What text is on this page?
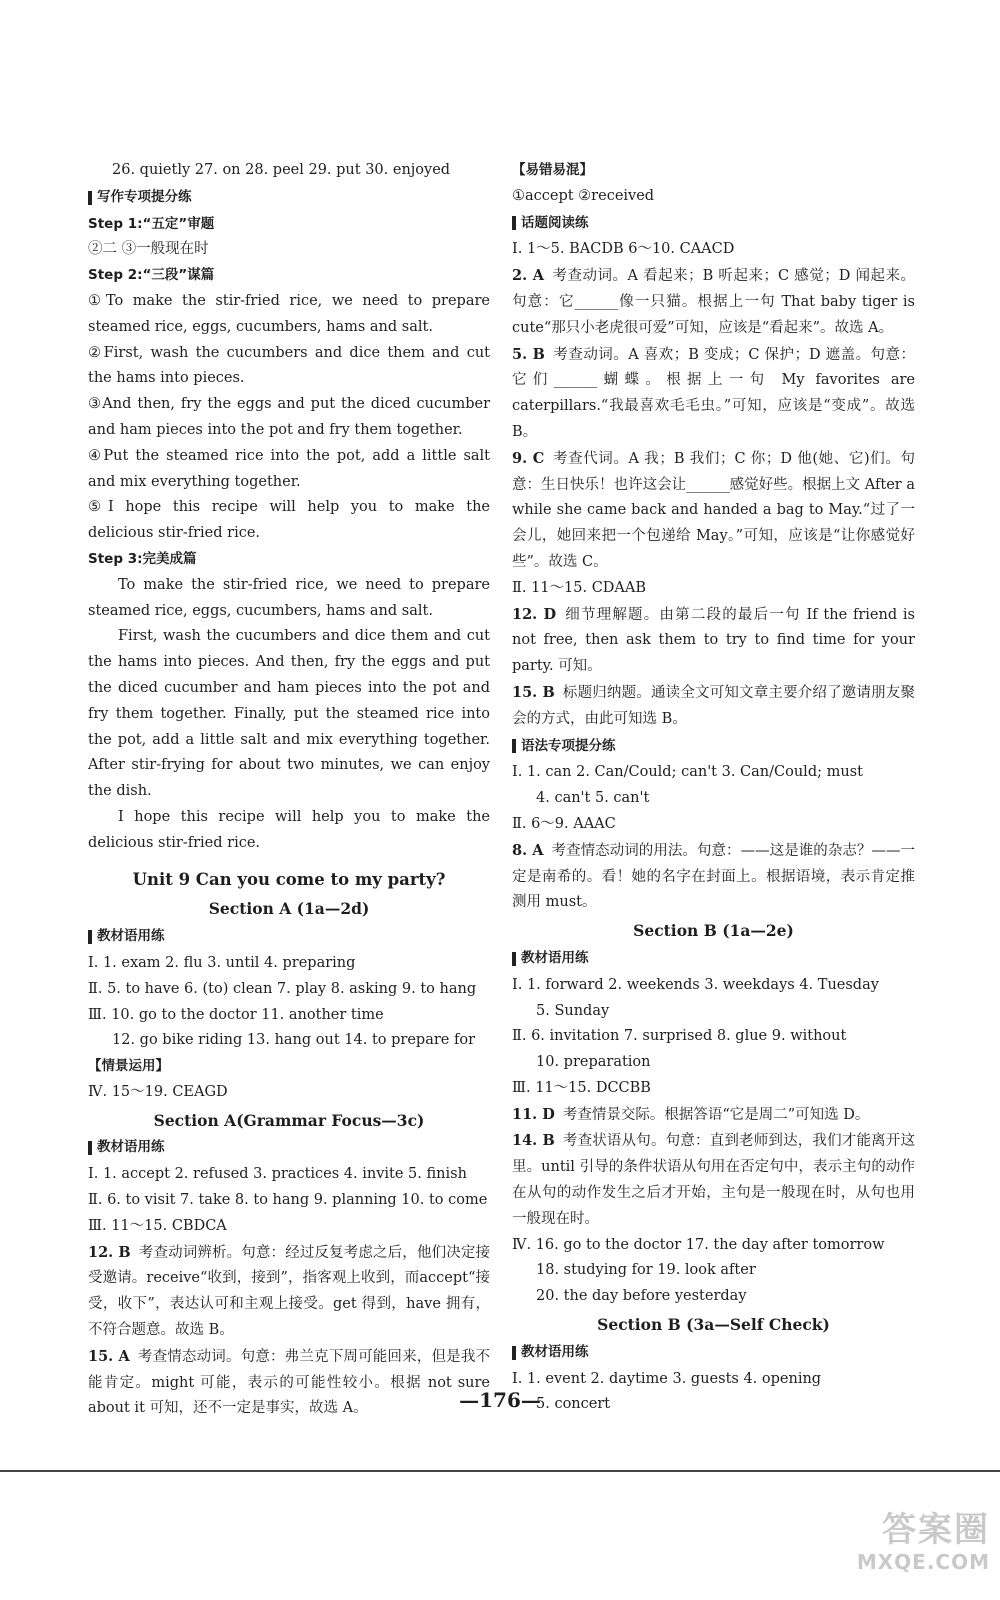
26. quietly 27. on 28. peel 29. put 30. enjoyed
写作专项提分练
Step 1:“五定”审题
②二 ③一般现在时
Step 2:“三段”谋篇
①To make the stir-fried rice, we need to prepare steamed rice, eggs, cucumbers, hams and salt.
②First, wash the cucumbers and dice them and cut the hams into pieces.
③And then, fry the eggs and put the diced cucumber and ham pieces into the pot and fry them together.
④Put the steamed rice into the pot, add a little salt and mix everything together.
⑤I hope this recipe will help you to make the delicious stir-fried rice.
Step 3:完美成篇
To make the stir-fried rice, we need to prepare steamed rice, eggs, cucumbers, hams and salt.
First, wash the cucumbers and dice them and cut the hams into pieces. And then, fry the eggs and put the diced cucumber and ham pieces into the pot and fry them together. Finally, put the steamed rice into the pot, add a little salt and mix everything together. After stir-frying for about two minutes, we can enjoy the dish.
I hope this recipe will help you to make the delicious stir-fried rice.
Unit 9 Can you come to my party?
Section A (1a—2d)
教材语用练
Ⅰ. 1. exam 2. flu 3. until 4. preparing
Ⅱ. 5. to have 6. (to) clean 7. play 8. asking 9. to hang
Ⅲ. 10. go to the doctor 11. another time
12. go bike riding 13. hang out 14. to prepare for
【情景运用】
Ⅳ. 15～19. CEAGD
Section A(Grammar Focus—3c)
教材语用练
Ⅰ. 1. accept 2. refused 3. practices 4. invite 5. finish
Ⅱ. 6. to visit 7. take 8. to hang 9. planning 10. to come
Ⅲ. 11～15. CBDCA
12. B 考查动词辨析。句意：经过反复考虑之后，他们决定接受邀请。receive“收到，接到”，指客观上收到，而accept“接受，收下”，表达认可和主观上接受。get 得到，have 拥有，不符合题意。故选 B。
15. A 考查情态动词。句意：弗兰克下周可能回来，但是我不能肯定。might 可能，表示的可能性较小。根据 not sure about it 可知，还不一定是事实，故选 A。
【易错易混】
①accept ②received
话题阅读练
Ⅰ. 1～5. BACDB 6～10. CAACD
2. A 考查动词。A 看起来；B 听起来；C 感觉；D 闻起来。句意：它______像一只猫。根据上一句 That baby tiger is cute“那只小老虎很可爱”可知，应该是“看起来”。故选 A。
5. B 考查动词。A 喜欢；B 变成；C 保护；D 遮盖。句意：它们______蝴蝶。根据上一句 My favorites are caterpillars.“我最喜欢毛毛虫。”可知，应该是“变成”。故选 B。
9. C 考查代词。A 我；B 我们；C 你；D 他(她、它)们。句意：生日快乐！也许这会让______感觉好些。根据上文 After a while she came back and handed a bag to May.“过了一会儿，她回来把一个包递给 May。”可知，应该是“让你感觉好些”。故选 C。
Ⅱ. 11～15. CDAAB
12. D 细节理解题。由第二段的最后一句 If the friend is not free, then ask them to try to find time for your party. 可知。
15. B 标题归纳题。通读全文可知文章主要介绍了邀请朋友聚会的方式，由此可知选 B。
语法专项提分练
Ⅰ. 1. can 2. Can/Could; can't 3. Can/Could; must
4. can't 5. can't
Ⅱ. 6～9. AAAC
8. A 考查情态动词的用法。句意：——这是谁的杂志？——一定是南希的。看！她的名字在封面上。根据语境，表示肯定推测用 must。
Section B (1a—2e)
教材语用练
Ⅰ. 1. forward 2. weekends 3. weekdays 4. Tuesday
5. Sunday
Ⅱ. 6. invitation 7. surprised 8. glue 9. without
10. preparation
Ⅲ. 11～15. DCCBB
11. D 考查情景交际。根据答语“它是周二”可知选 D。
14. B 考查状语从句。句意：直到老师到达，我们才能离开这里。until 引导的条件状语从句用在否定句中，表示主句的动作在从句的动作发生之后才开始，主句是一般现在时，从句也用一般现在时。
Ⅳ. 16. go to the doctor 17. the day after tomorrow
18. studying for 19. look after
20. the day before yesterday
Section B (3a—Self Check)
教材语用练
Ⅰ. 1. event 2. daytime 3. guests 4. opening
5. concert
—176—
答案圈
MXQE.COM
